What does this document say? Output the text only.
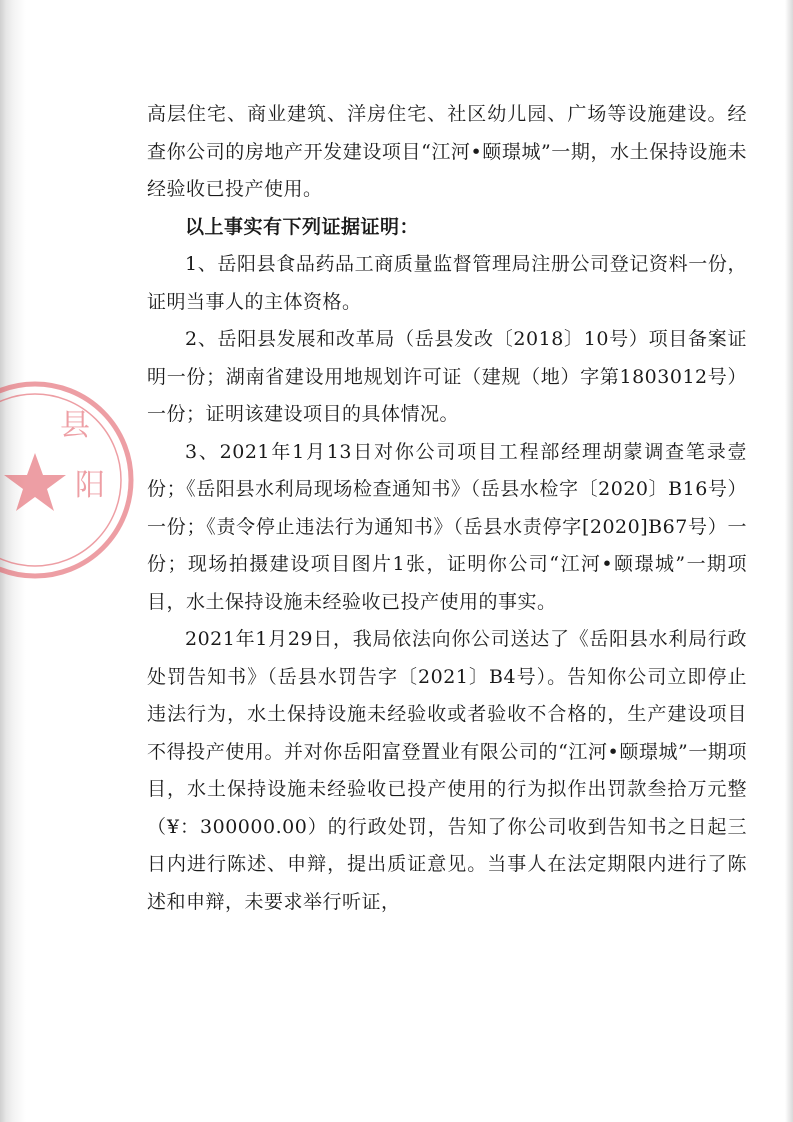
县
阳

高层住宅、商业建筑、洋房住宅、社区幼儿园、广场等设施建设。经查你公司的房地产开发建设项目“江河•颐璟城”一期，水土保持设施未经验收已投产使用。

以上事实有下列证据证明：

1、岳阳县食品药品工商质量监督管理局注册公司登记资料一份，证明当事人的主体资格。

2、岳阳县发展和改革局（岳县发改〔2018〕10号）项目备案证明一份；湖南省建设用地规划许可证（建规（地）字第1803012号）一份；证明该建设项目的具体情况。

3、2021年1月13日对你公司项目工程部经理胡蒙调查笔录壹份；《岳阳县水利局现场检查通知书》（岳县水检字〔2020〕B16号）一份；《责令停止违法行为通知书》（岳县水责停字[2020]B67号）一份；现场拍摄建设项目图片1张，证明你公司“江河•颐璟城”一期项目，水土保持设施未经验收已投产使用的事实。

2021年1月29日，我局依法向你公司送达了《岳阳县水利局行政处罚告知书》（岳县水罚告字〔2021〕B4号）。告知你公司立即停止违法行为，水土保持设施未经验收或者验收不合格的，生产建设项目不得投产使用。并对你岳阳富登置业有限公司的“江河•颐璟城”一期项目，水土保持设施未经验收已投产使用的行为拟作出罚款叁拾万元整（¥：300000.00）的行政处罚，告知了你公司收到告知书之日起三日内进行陈述、申辩，提出质证意见。当事人在法定期限内进行了陈述和申辩，未要求举行听证，
